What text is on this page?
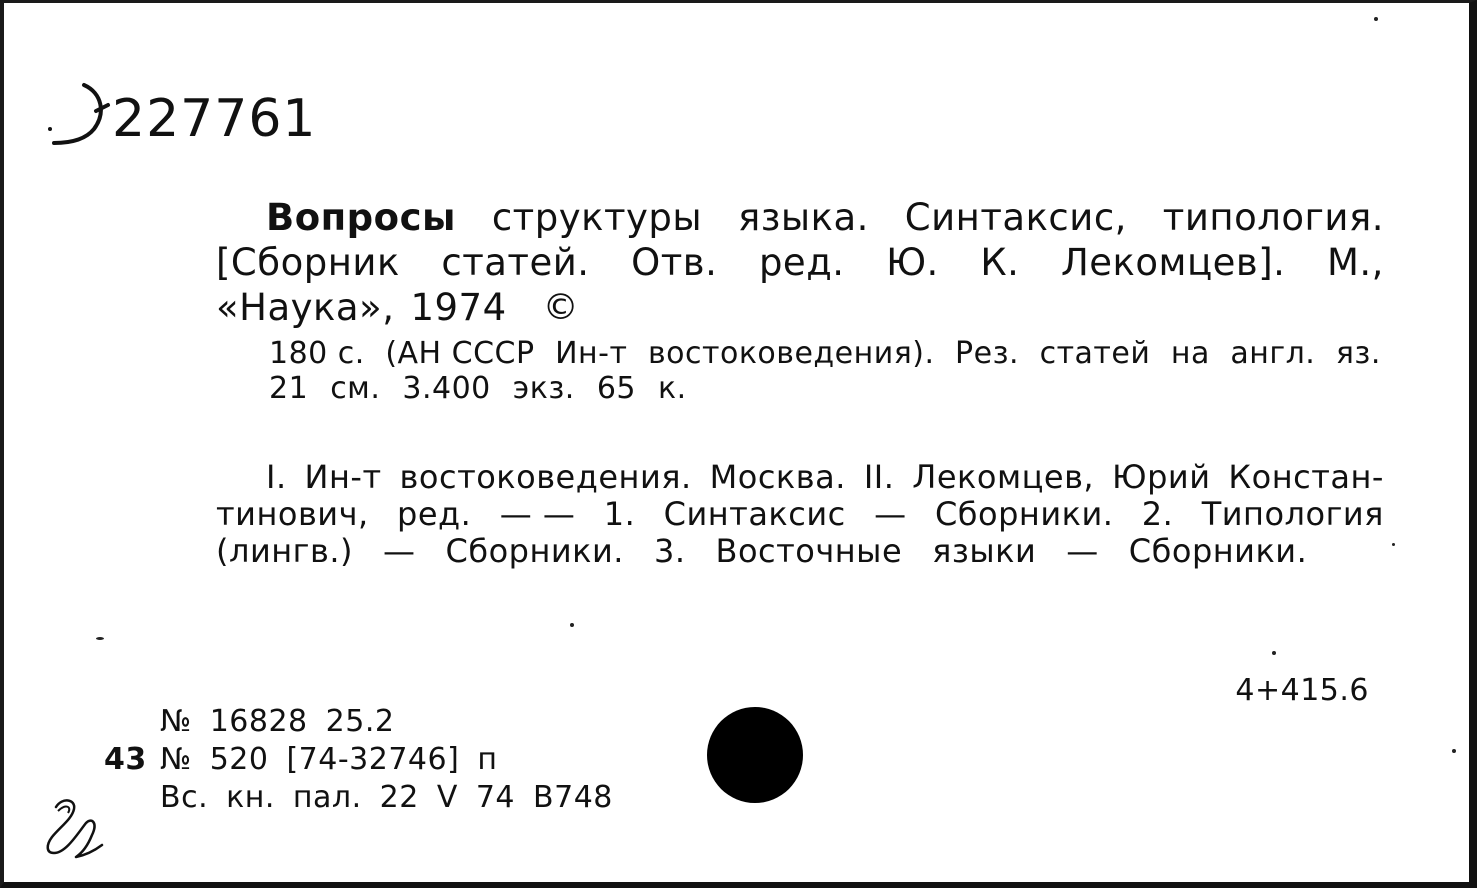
227761
Вопросы структуры языка. Синтаксис, типология.
[Сборник статей. Отв. ред. Ю. К. Лекомцев]. М.,
«Наука», 1974 ©
180 с. (АН СССР Ин-т востоковедения). Рез. статей на англ. яз.
21 см. 3.400 экз. 65 к.
I. Ин-т востоковедения. Москва. II. Лекомцев, Юрий Констан-
тинович, ред. — — 1. Синтаксис — Сборники. 2. Типология
(лингв.) — Сборники. 3. Восточные языки — Сборники.
4+415.6
№ 16828 25.2
43 № 520 [74-32746] п
Вс. кн. пал. 22 V 74 В748
